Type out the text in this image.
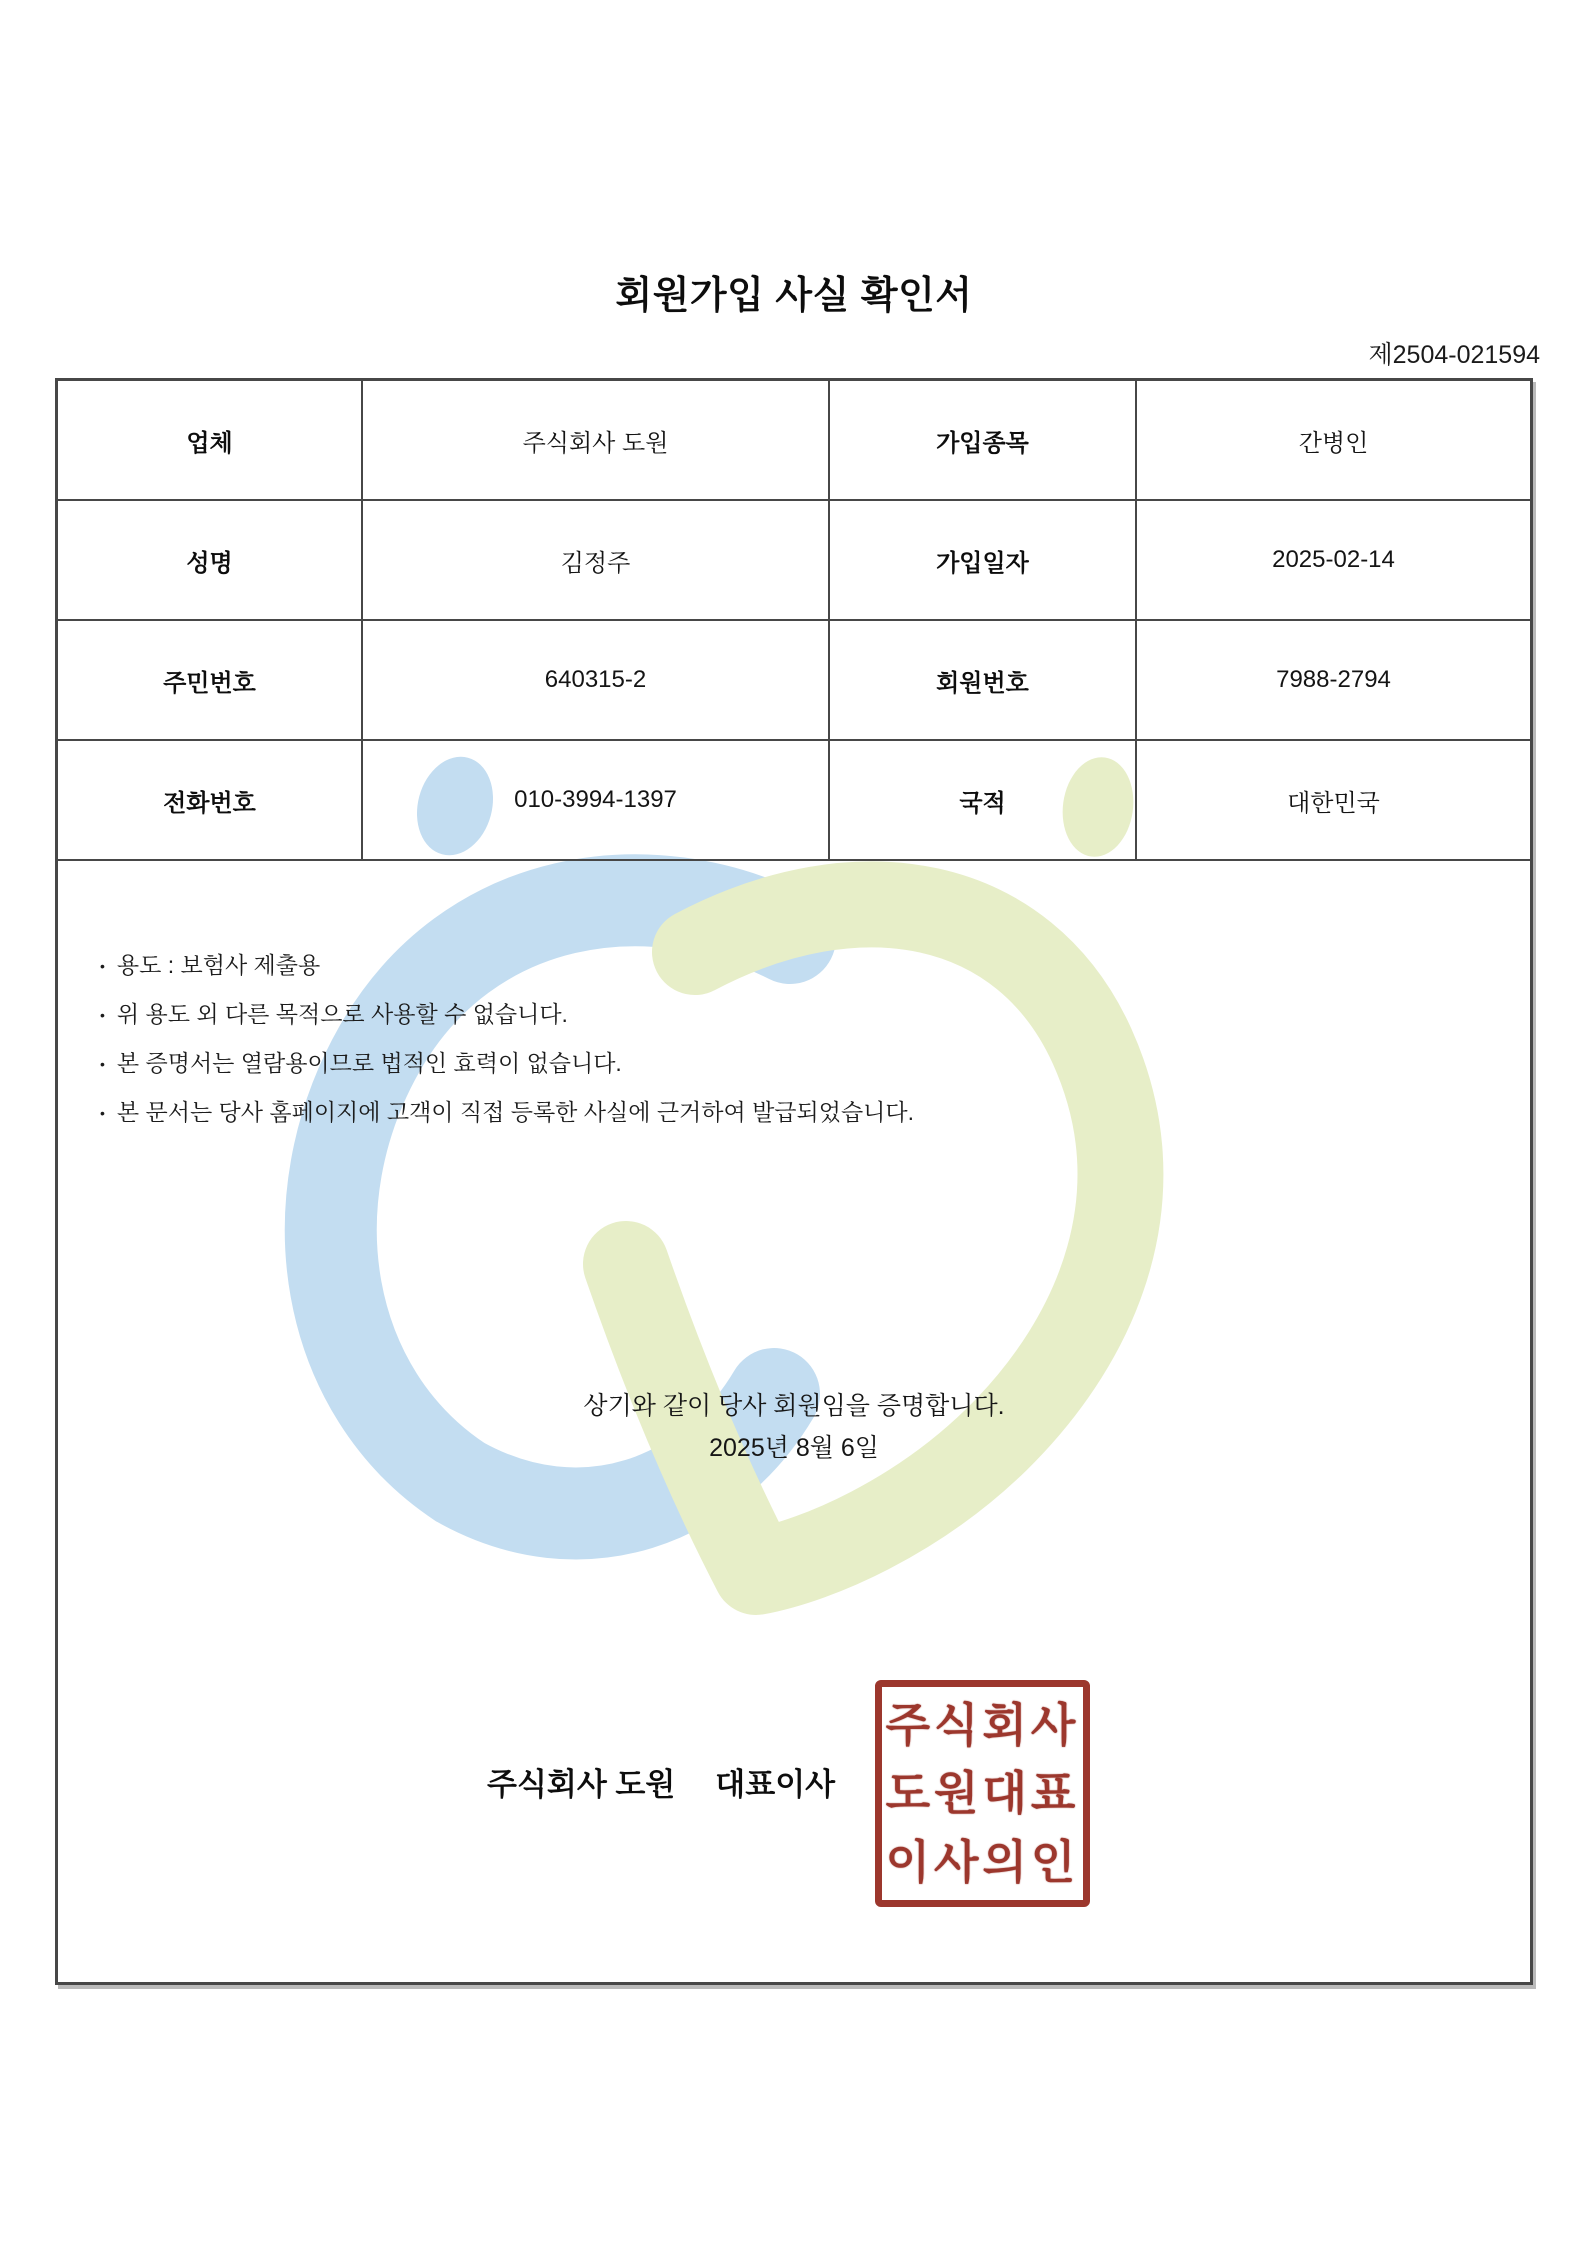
회원가입 사실 확인서
제2504-021594
업체	주식회사 도원	가입종목	간병인
성명	김정주	가입일자	2025-02-14
주민번호	640315-2	회원번호	7988-2794
전화번호	010-3994-1397	국적	대한민국
• 용도 : 보험사 제출용
• 위 용도 외 다른 목적으로 사용할 수 없습니다.
• 본 증명서는 열람용이므로 법적인 효력이 없습니다.
• 본 문서는 당사 홈페이지에 고객이 직접 등록한 사실에 근거하여 발급되었습니다.
상기와 같이 당사 회원임을 증명합니다.
2025년 8월 6일
주식회사 도원 대표이사
주식회사
도원대표
이사의인
